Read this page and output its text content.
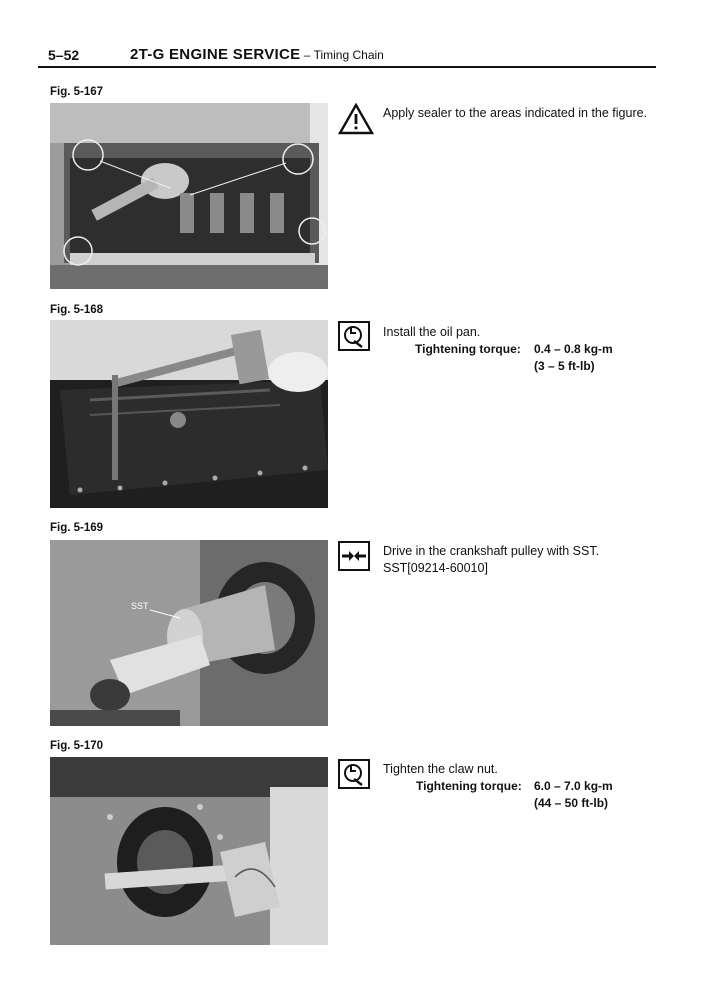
5–52	2T-G ENGINE SERVICE – Timing Chain
Fig. 5-167
Apply sealer to the areas indicated in the figure.
Fig. 5-168
Install the oil pan.
Tightening torque: 0.4 – 0.8 kg-m
(3 – 5 ft-lb)
Fig. 5-169
SST
Drive in the crankshaft pulley with SST.
SST[09214-60010]
Fig. 5-170
Tighten the claw nut.
Tightening torque: 6.0 – 7.0 kg-m
(44 – 50 ft-lb)
